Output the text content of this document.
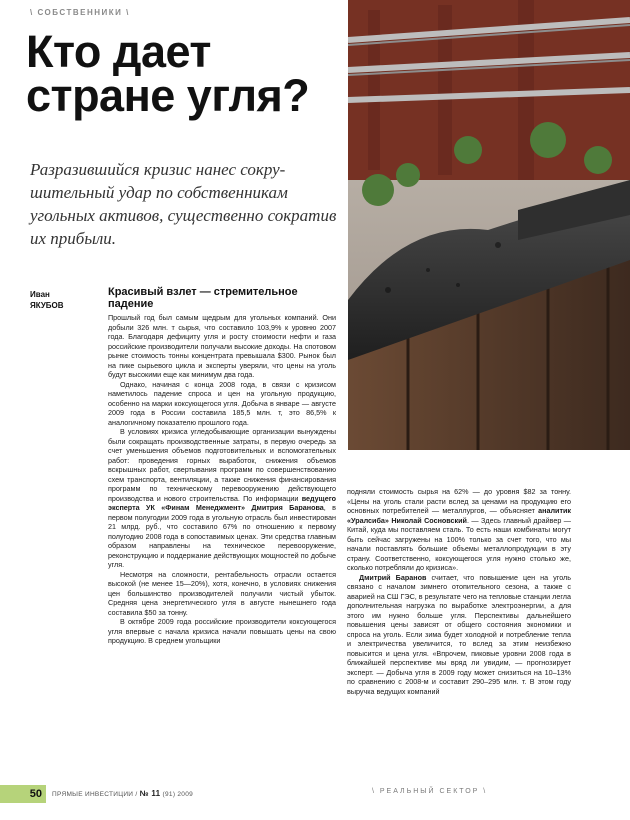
\ СОБСТВЕННИКИ \
Кто дает
стране угля?
Разразившийся кризис нанес сокру-шительный удар по собственникам угольных активов, существенно сократив их прибыли.
Иван
ЯКУБОВ
Красивый взлет — стремительное падение

Прошлый год был самым щедрым для угольных компаний. Они добыли 326 млн. т сырья, что составило 103,9% к уровню 2007 года. Благодаря дефициту угля и росту стоимости нефти и газа российские производители получали высокие доходы. На спотовом рынке стоимость тонны концентрата превышала $300. Рынок был на пике сырьевого цикла и эксперты уверяли, что цены на уголь будут высокими еще как минимум два года.

Однако, начиная с конца 2008 года, в связи с кризисом наметилось падение спроса и цен на угольную продукцию, особенно на марки коксующегося угля. Добыча в январе — августе 2009 года в России составила 185,5 млн. т, это 86,5% к аналогичному показателю прошлого года.

В условиях кризиса угледобывающие организации вынуждены были сокращать производственные затраты, в первую очередь за счет уменьшения объемов подготовительных и вспомогательных работ: проведения горных выработок, снижения объемов вскрышных работ, свертывания программ по совершенствованию схем транспорта, вентиляции, а также снижения финансирования программ по техническому перевооружению действующего производства и нового строительства. По информации ведущего эксперта УК «Финам Менеджмент» Дмитрия Баранова, в первом полугодии 2009 года в угольную отрасль был инвестирован 21 млрд. руб., что составило 67% по отношению к первому полугодию 2008 года в сопоставимых ценах. Эти средства главным образом направлены на техническое перевооружение, реконструкцию и поддержание действующих мощностей по добыче угля.

Несмотря на сложности, рентабельность отрасли остается высокой (не менее 15—20%), хотя, конечно, в условиях снижения цен большинство производителей получили чистый убыток. Средняя цена энергетического угля в августе нынешнего года составила $50 за тонну.

В октябре 2009 года российские производители коксующегося угля впервые с начала кризиса начали повышать цены на свою продукцию. В среднем угольщики

подняли стоимость сырья на 62% — до уровня $82 за тонну. «Цены на уголь стали расти вслед за ценами на продукцию его основных потребителей — металлургов, — объясняет аналитик «Уралсиба» Николай Сосновский. — Здесь главный драйвер — Китай, куда мы поставляем сталь. То есть наши комбинаты могут быть сейчас загружены на 100% только за счет того, что мы начали поставлять большие объемы металлопродукции в эту страну. Соответственно, коксующегося угля нужно столько же, сколько потребляли до кризиса».

Дмитрий Баранов считает, что повышение цен на уголь связано с началом зимнего отопительного сезона, а также с аварией на СШ ГЭС, в результате чего на тепловые станции легла дополнительная нагрузка по выработке электроэнергии, а для этого им нужно больше угля. Перспективы дальнейшего повышения цены зависят от общего состояния экономики и спроса на уголь. Если зима будет холодной и потребление тепла и электричества увеличится, то вслед за этим неизбежно повысится и цена угля. «Впрочем, пиковые уровни 2008 года в ближайшей перспективе мы вряд ли увидим, — прогнозирует эксперт. — Добыча угля в 2009 году может снизиться на 10–13% по сравнению с 2008-м и составит 290–295 млн. т. В этом году выручка ведущих компаний

50	ПРЯМЫЕ ИНВЕСТИЦИИ / № 11 (91) 2009	\ РЕАЛЬНЫЙ СЕКТОР \
